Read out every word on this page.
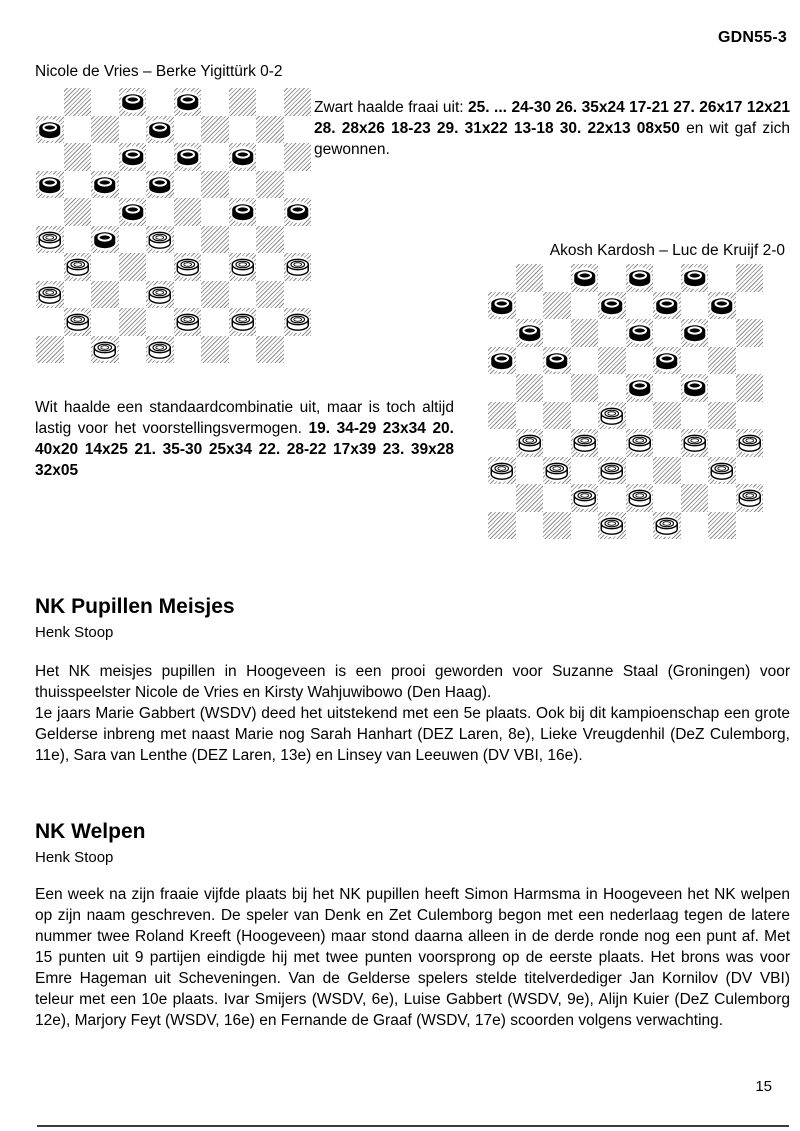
GDN55-3
Nicole de Vries – Berke Yigittürk 0-2
Zwart haalde fraai uit: 25. ... 24-30 26. 35x24 17-21 27. 26x17 12x21 28. 28x26 18-23 29. 31x22 13-18 30. 22x13 08x50 en wit gaf zich gewonnen.
Akosh Kardosh – Luc de Kruijf 2-0
Wit haalde een standaardcombinatie uit, maar is toch altijd lastig voor het voorstellingsvermogen. 19. 34-29 23x34 20. 40x20 14x25 21. 35-30 25x34 22. 28-22 17x39 23. 39x28 32x05
NK Pupillen Meisjes
Henk Stoop

Het NK meisjes pupillen in Hoogeveen is een prooi geworden voor Suzanne Staal (Groningen) voor thuisspeelster Nicole de Vries en Kirsty Wahjuwibowo (Den Haag).

1e jaars Marie Gabbert (WSDV) deed het uitstekend met een 5e plaats. Ook bij dit kampioenschap een grote Gelderse inbreng met naast Marie nog Sarah Hanhart (DEZ Laren, 8e), Lieke Vreugdenhil (DeZ Culemborg, 11e), Sara van Lenthe (DEZ Laren, 13e) en Linsey van Leeuwen (DV VBI, 16e).

NK Welpen
Henk Stoop

Een week na zijn fraaie vijfde plaats bij het NK pupillen heeft Simon Harmsma in Hoogeveen het NK welpen op zijn naam geschreven. De speler van Denk en Zet Culemborg begon met een nederlaag tegen de latere nummer twee Roland Kreeft (Hoogeveen) maar stond daarna alleen in de derde ronde nog een punt af. Met 15 punten uit 9 partijen eindigde hij met twee punten voorsprong op de eerste plaats. Het brons was voor Emre Hageman uit Scheveningen. Van de Gelderse spelers stelde titelverdediger Jan Kornilov (DV VBI) teleur met een 10e plaats. Ivar Smijers (WSDV, 6e), Luise Gabbert (WSDV, 9e), Alijn Kuier (DeZ Culemborg 12e), Marjory Feyt (WSDV, 16e) en Fernande de Graaf (WSDV, 17e) scoorden volgens verwachting.

15
